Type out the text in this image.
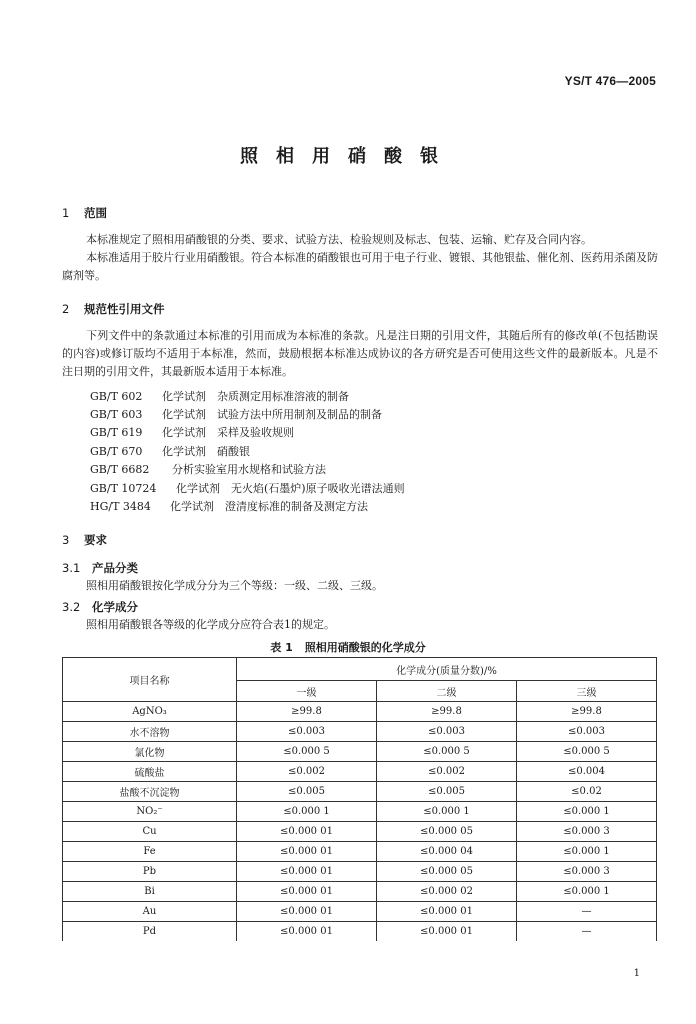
YS/T 476—2005
照相用硝酸银
1 范围
本标准规定了照相用硝酸银的分类、要求、试验方法、检验规则及标志、包装、运输、贮存及合同内容。
本标准适用于胶片行业用硝酸银。符合本标准的硝酸银也可用于电子行业、镀银、其他银盐、催化剂、医药用杀菌及防腐剂等。
2 规范性引用文件
下列文件中的条款通过本标准的引用而成为本标准的条款。凡是注日期的引用文件，其随后所有的修改单(不包括勘误的内容)或修订版均不适用于本标准，然而，鼓励根据本标准达成协议的各方研究是否可使用这些文件的最新版本。凡是不注日期的引用文件，其最新版本适用于本标准。
GB/T 602 化学试剂　杂质测定用标准溶液的制备
GB/T 603 化学试剂　试验方法中所用制剂及制品的制备
GB/T 619 化学试剂　采样及验收规则
GB/T 670 化学试剂　硝酸银
GB/T 6682 分析实验室用水规格和试验方法
GB/T 10724 化学试剂　无火焰(石墨炉)原子吸收光谱法通则
HG/T 3484 化学试剂　澄清度标准的制备及测定方法
3 要求
3.1 产品分类
照相用硝酸银按化学成分分为三个等级：一级、二级、三级。
3.2 化学成分
照相用硝酸银各等级的化学成分应符合表1的规定。
表 1 照相用硝酸银的化学成分
项目名称	化学成分(质量分数)/%		
	一级	二级	三级
AgNO₃	≥99.8	≥99.8	≥99.8
水不溶物	≤0.003	≤0.003	≤0.003
氯化物	≤0.000 5	≤0.000 5	≤0.000 5
硫酸盐	≤0.002	≤0.002	≤0.004
盐酸不沉淀物	≤0.005	≤0.005	≤0.02
NO₂⁻	≤0.000 1	≤0.000 1	≤0.000 1
Cu	≤0.000 01	≤0.000 05	≤0.000 3
Fe	≤0.000 01	≤0.000 04	≤0.000 1
Pb	≤0.000 01	≤0.000 05	≤0.000 3
Bi	≤0.000 01	≤0.000 02	≤0.000 1
Au	≤0.000 01	≤0.000 01	—
Pd	≤0.000 01	≤0.000 01	—
1
